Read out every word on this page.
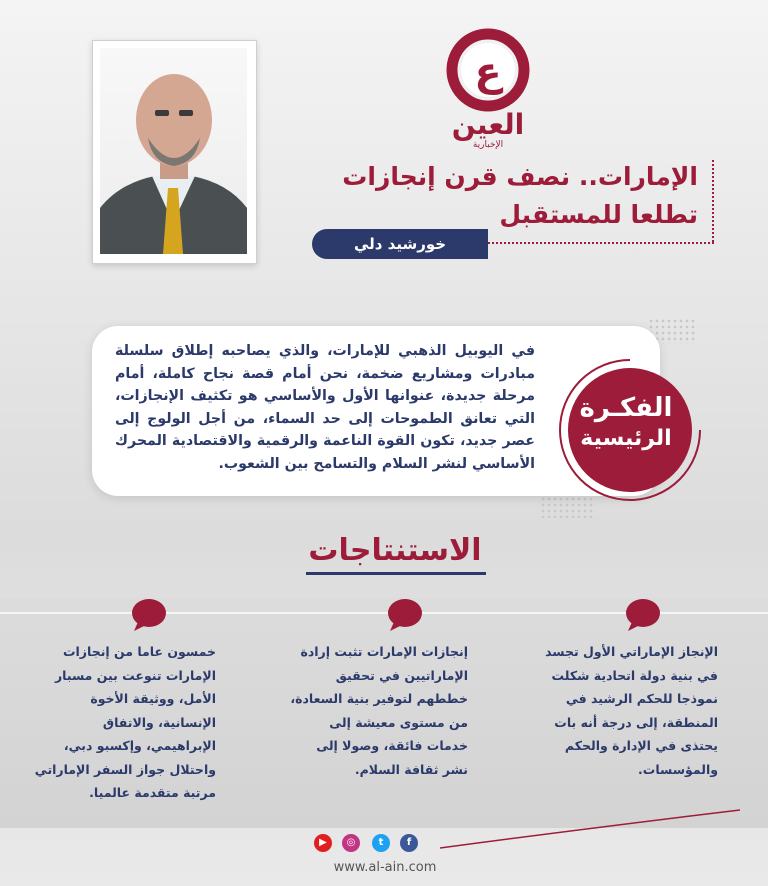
ع
العين
الإخبارية
الإمارات.. نصف قرن إنجازات
تطلعا للمستقبل
خورشيد دلي
في اليوبيل الذهبي للإمارات، والذي يصاحبه إطلاق سلسلة مبادرات ومشاريع ضخمة، نحن أمام قصة نجاح كاملة، أمام مرحلة جديدة، عنوانها الأول والأساسي هو تكثيف الإنجازات، التي تعانق الطموحات إلى حد السماء، من أجل الولوج إلى عصر جديد، تكون القوة الناعمة والرقمية والاقتصادية المحرك الأساسي لنشر السلام والتسامح بين الشعوب.
الفكـرة
الرئيسية
الاستنتاجات
الإنجاز الإماراتي الأول تجسد في بنية دولة اتحادية شكلت نموذجا للحكم الرشيد في المنطقة، إلى درجة أنه بات يحتذى في الإدارة والحكم والمؤسسات.
إنجازات الإمارات تثبت إرادة الإماراتيين في تحقيق خططهم لتوفير بنية السعادة، من مستوى معيشة إلى خدمات فائقة، وصولا إلى نشر ثقافة السلام.
خمسون عاما من إنجازات الإمارات تنوعت بين مسبار الأمل، ووثيقة الأخوة الإنسانية، والاتفاق الإبراهيمي، وإكسبو دبي، واحتلال جواز السفر الإماراتي مرتبة متقدمة عالميا.
▶	◎	t	f
www.al-ain.com
